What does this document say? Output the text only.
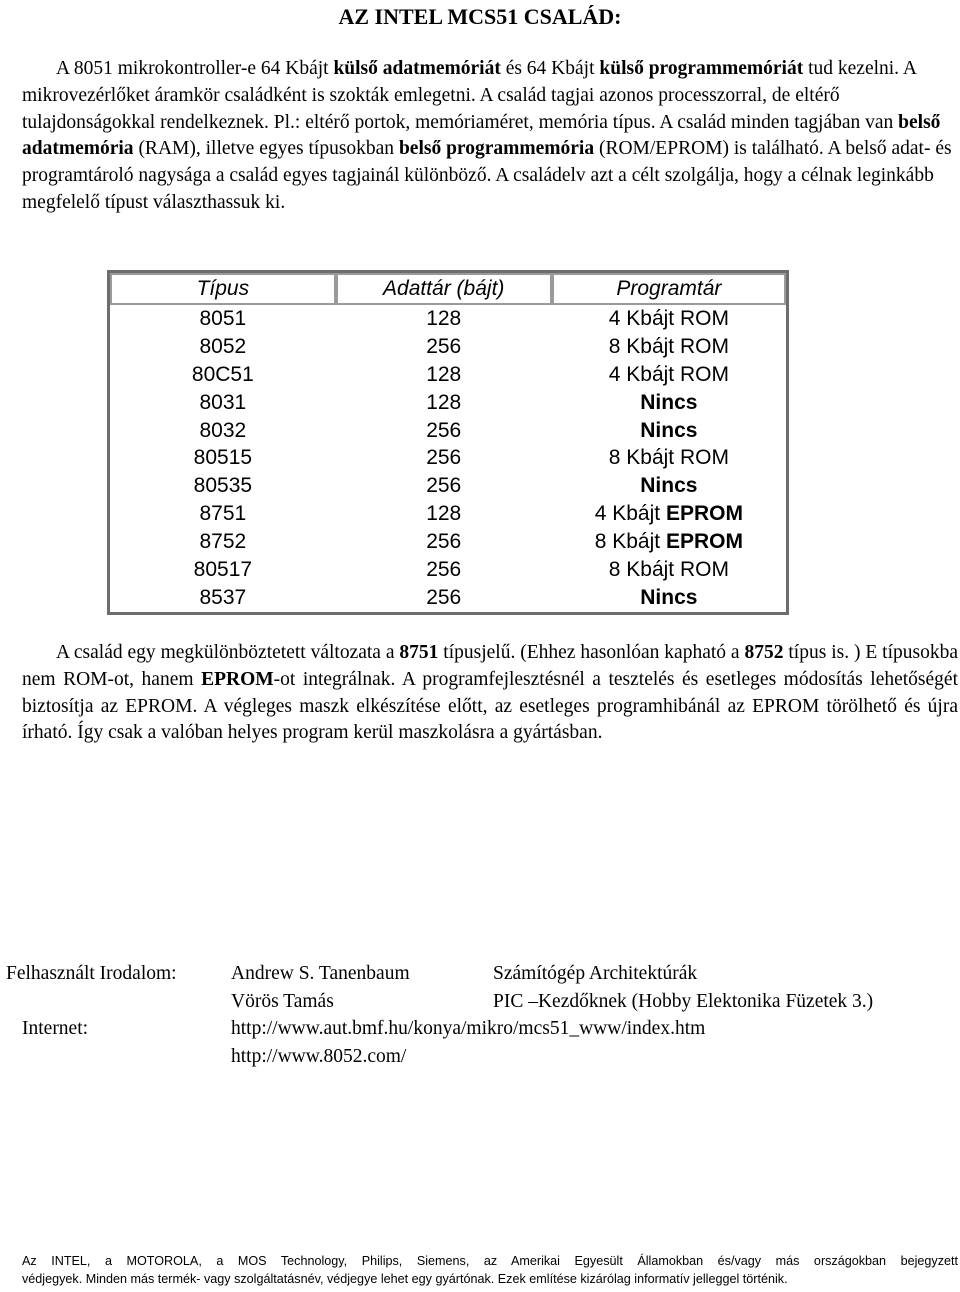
AZ INTEL MCS51 CSALÁD:

A 8051 mikrokontroller-e 64 Kbájt külső adatmemóriát és 64 Kbájt külső programmemóriát tud kezelni. A mikrovezérlőket áramkör családként is szokták emlegetni. A család tagjai azonos processzorral, de eltérő tulajdonságokkal rendelkeznek. Pl.: eltérő portok, memóriaméret, memória típus. A család minden tagjában van belső adatmemória (RAM), illetve egyes típusokban belső programmemória (ROM/EPROM) is található. A belső adat- és programtároló nagysága a család egyes tagjainál különböző. A családelv azt a célt szolgálja, hogy a célnak leginkább megfelelő típust választhassuk ki.

Típus	Adattár (bájt)	Programtár
8051	128	4 Kbájt ROM
8052	256	8 Kbájt ROM
80C51	128	4 Kbájt ROM
8031	128	Nincs
8032	256	Nincs
80515	256	8 Kbájt ROM
80535	256	Nincs
8751	128	4 Kbájt EPROM
8752	256	8 Kbájt EPROM
80517	256	8 Kbájt ROM
8537	256	Nincs

A család egy megkülönböztetett változata a 8751 típusjelű. (Ehhez hasonlóan kapható a 8752 típus is. ) E típusokba nem ROM-ot, hanem EPROM-ot integrálnak. A programfejlesztésnél a tesztelés és esetleges módosítás lehetőségét biztosítja az EPROM. A végleges maszk elkészítése előtt, az esetleges programhibánál az EPROM törölhető és újra írható. Így csak a valóban helyes program kerül maszkolásra a gyártásban.

Felhasznált Irodalom:	Andrew S. Tanenbaum	Számítógép Architektúrák
Vörös Tamás	PIC –Kezdőknek (Hobby Elektonika Füzetek 3.)
Internet:	http://www.aut.bmf.hu/konya/mikro/mcs51_www/index.htm
http://www.8052.com/

Az INTEL, a MOTOROLA, a MOS Technology, Philips, Siemens, az Amerikai Egyesült Államokban és/vagy más országokban bejegyzett

védjegyek. Minden más termék- vagy szolgáltatásnév, védjegye lehet egy gyártónak. Ezek említése kizárólag informatív jelleggel történik.
